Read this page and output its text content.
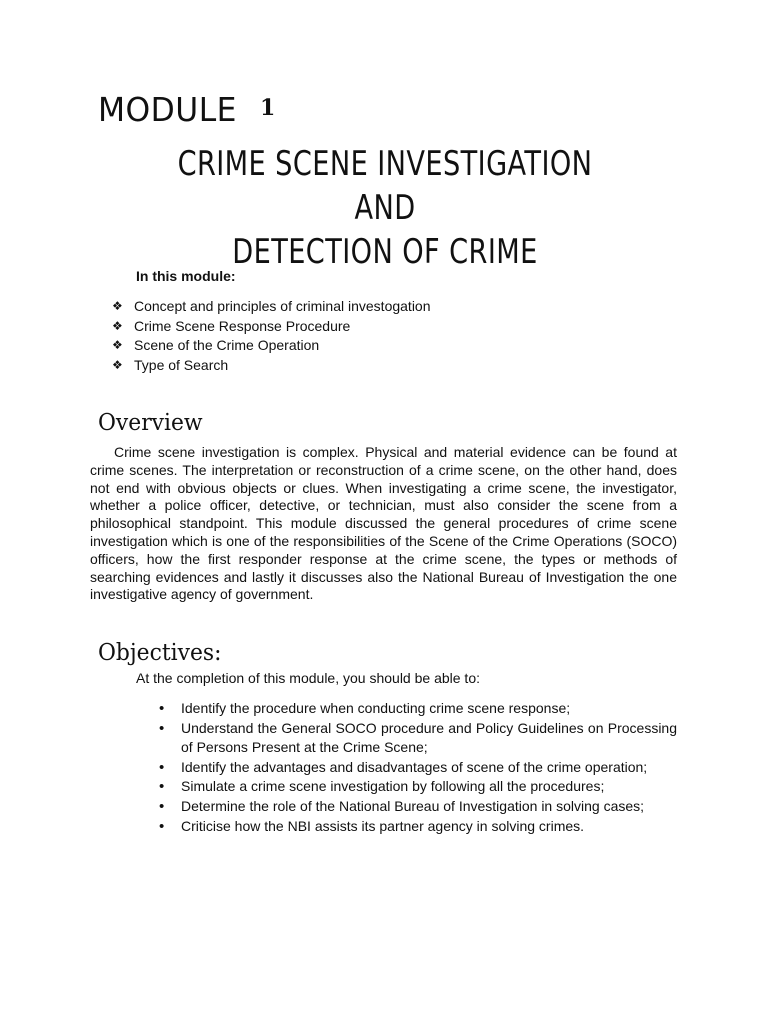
MODULE 1
CRIME SCENE INVESTIGATION AND
DETECTION OF CRIME
In this module:
❖ Concept and principles of criminal investogation
❖ Crime Scene Response Procedure
❖ Scene of the Crime Operation
❖ Type of Search
Overview

Crime scene investigation is complex. Physical and material evidence can be found at crime scenes. The interpretation or reconstruction of a crime scene, on the other hand, does not end with obvious objects or clues. When investigating a crime scene, the investigator, whether a police officer, detective, or technician, must also consider the scene from a philosophical standpoint. This module discussed the general procedures of crime scene investigation which is one of the responsibilities of the Scene of the Crime Operations (SOCO) officers, how the first responder response at the crime scene, the types or methods of searching evidences and lastly it discusses also the National Bureau of Investigation the one investigative agency of government.

Objectives:

At the completion of this module, you should be able to:

• Identify the procedure when conducting crime scene response;
• Understand the General SOCO procedure and Policy Guidelines on Processing of Persons Present at the Crime Scene;
• Identify the advantages and disadvantages of scene of the crime operation;
• Simulate a crime scene investigation by following all the procedures;
• Determine the role of the National Bureau of Investigation in solving cases;
• Criticise how the NBI assists its partner agency in solving crimes.
